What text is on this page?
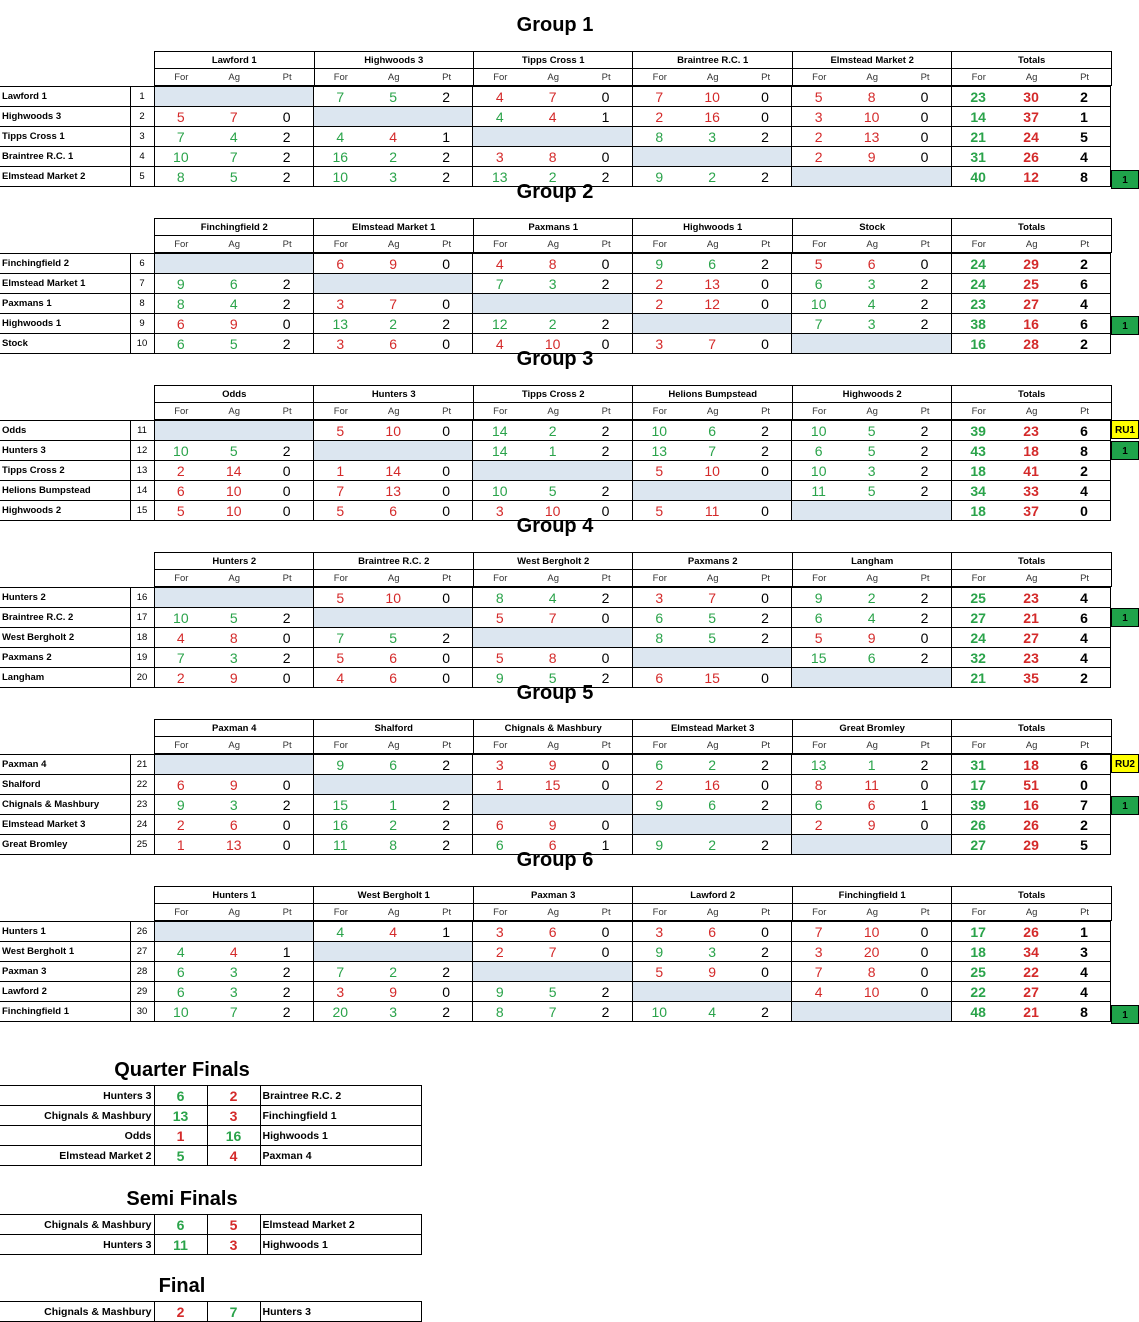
Group 1
Lawford 1			Highwoods 3			Tipps Cross 1			Braintree R.C. 1			Elmstead Market 2			Totals		
For	Ag	Pt	For	Ag	Pt	For	Ag	Pt	For	Ag	Pt	For	Ag	Pt	For	Ag	Pt
Lawford 1	1				7	5	2	4	7	0	7	10	0	5	8	0	23	30	2
Highwoods 3	2	5	7	0				4	4	1	2	16	0	3	10	0	14	37	1
Tipps Cross 1	3	7	4	2	4	4	1				8	3	2	2	13	0	21	24	5
Braintree R.C. 1	4	10	7	2	16	2	2	3	8	0				2	9	0	31	26	4
Elmstead Market 2	5	8	5	2	10	3	2	13	2	2	9	2	2				40	12	8	1
Group 2
Finchingfield 2			Elmstead Market 1			Paxmans 1			Highwoods 1			Stock			Totals		
For	Ag	Pt	For	Ag	Pt	For	Ag	Pt	For	Ag	Pt	For	Ag	Pt	For	Ag	Pt
Finchingfield 2	6				6	9	0	4	8	0	9	6	2	5	6	0	24	29	2
Elmstead Market 1	7	9	6	2				7	3	2	2	13	0	6	3	2	24	25	6
Paxmans 1	8	8	4	2	3	7	0				2	12	0	10	4	2	23	27	4
Highwoods 1	9	6	9	0	13	2	2	12	2	2				7	3	2	38	16	6
Stock	10	6	5	2	3	6	0	4	10	0	3	7	0				16	28	2
1
Group 3
Odds			Hunters 3			Tipps Cross 2			Helions Bumpstead			Highwoods 2			Totals		
For	Ag	Pt	For	Ag	Pt	For	Ag	Pt	For	Ag	Pt	For	Ag	Pt	For	Ag	Pt
Odds	11				5	10	0	14	2	2	10	6	2	10	5	2	39	23	6
Hunters 3	12	10	5	2				14	1	2	13	7	2	6	5	2	43	18	8
Tipps Cross 2	13	2	14	0	1	14	0				5	10	0	10	3	2	18	41	2
Helions Bumpstead	14	6	10	0	7	13	0	10	5	2				11	5	2	34	33	4
Highwoods 2	15	5	10	0	5	6	0	3	10	0	5	11	0				18	37	0
RU1
1
Group 4
Hunters 2			Braintree R.C. 2			West Bergholt 2			Paxmans 2			Langham			Totals		
For	Ag	Pt	For	Ag	Pt	For	Ag	Pt	For	Ag	Pt	For	Ag	Pt	For	Ag	Pt
Hunters 2	16				5	10	0	8	4	2	3	7	0	9	2	2	25	23	4
Braintree R.C. 2	17	10	5	2				5	7	0	6	5	2	6	4	2	27	21	6
West Bergholt 2	18	4	8	0	7	5	2				8	5	2	5	9	0	24	27	4
Paxmans 2	19	7	3	2	5	6	0	5	8	0				15	6	2	32	23	4
Langham	20	2	9	0	4	6	0	9	5	2	6	15	0				21	35	2
1
Group 5
Paxman 4			Shalford			Chignals & Mashbury			Elmstead Market 3			Great Bromley			Totals		
For	Ag	Pt	For	Ag	Pt	For	Ag	Pt	For	Ag	Pt	For	Ag	Pt	For	Ag	Pt
Paxman 4	21				9	6	2	3	9	0	6	2	2	13	1	2	31	18	6
Shalford	22	6	9	0				1	15	0	2	16	0	8	11	0	17	51	0
Chignals & Mashbury	23	9	3	2	15	1	2				9	6	2	6	6	1	39	16	7
Elmstead Market 3	24	2	6	0	16	2	2	6	9	0				2	9	0	26	26	2
Great Bromley	25	1	13	0	11	8	2	6	6	1	9	2	2				27	29	5
RU2
1
Group 6
Hunters 1			West Bergholt 1			Paxman 3			Lawford 2			Finchingfield 1			Totals		
For	Ag	Pt	For	Ag	Pt	For	Ag	Pt	For	Ag	Pt	For	Ag	Pt	For	Ag	Pt
Hunters 1	26				4	4	1	3	6	0	3	6	0	7	10	0	17	26	1
West Bergholt 1	27	4	4	1				2	7	0	9	3	2	3	20	0	18	34	3
Paxman 3	28	6	3	2	7	2	2				5	9	0	7	8	0	25	22	4
Lawford 2	29	6	3	2	3	9	0	9	5	2				4	10	0	22	27	4
Finchingfield 1	30	10	7	2	20	3	2	8	7	2	10	4	2				48	21	8	1
Quarter Finals
Hunters 3	6	2	Braintree R.C. 2
Chignals & Mashbury	13	3	Finchingfield 1
Odds	1	16	Highwoods 1
Elmstead Market 2	5	4	Paxman 4
Semi Finals
Chignals & Mashbury	6	5	Elmstead Market 2
Hunters 3	11	3	Highwoods 1
Final
Chignals & Mashbury	2	7	Hunters 3
